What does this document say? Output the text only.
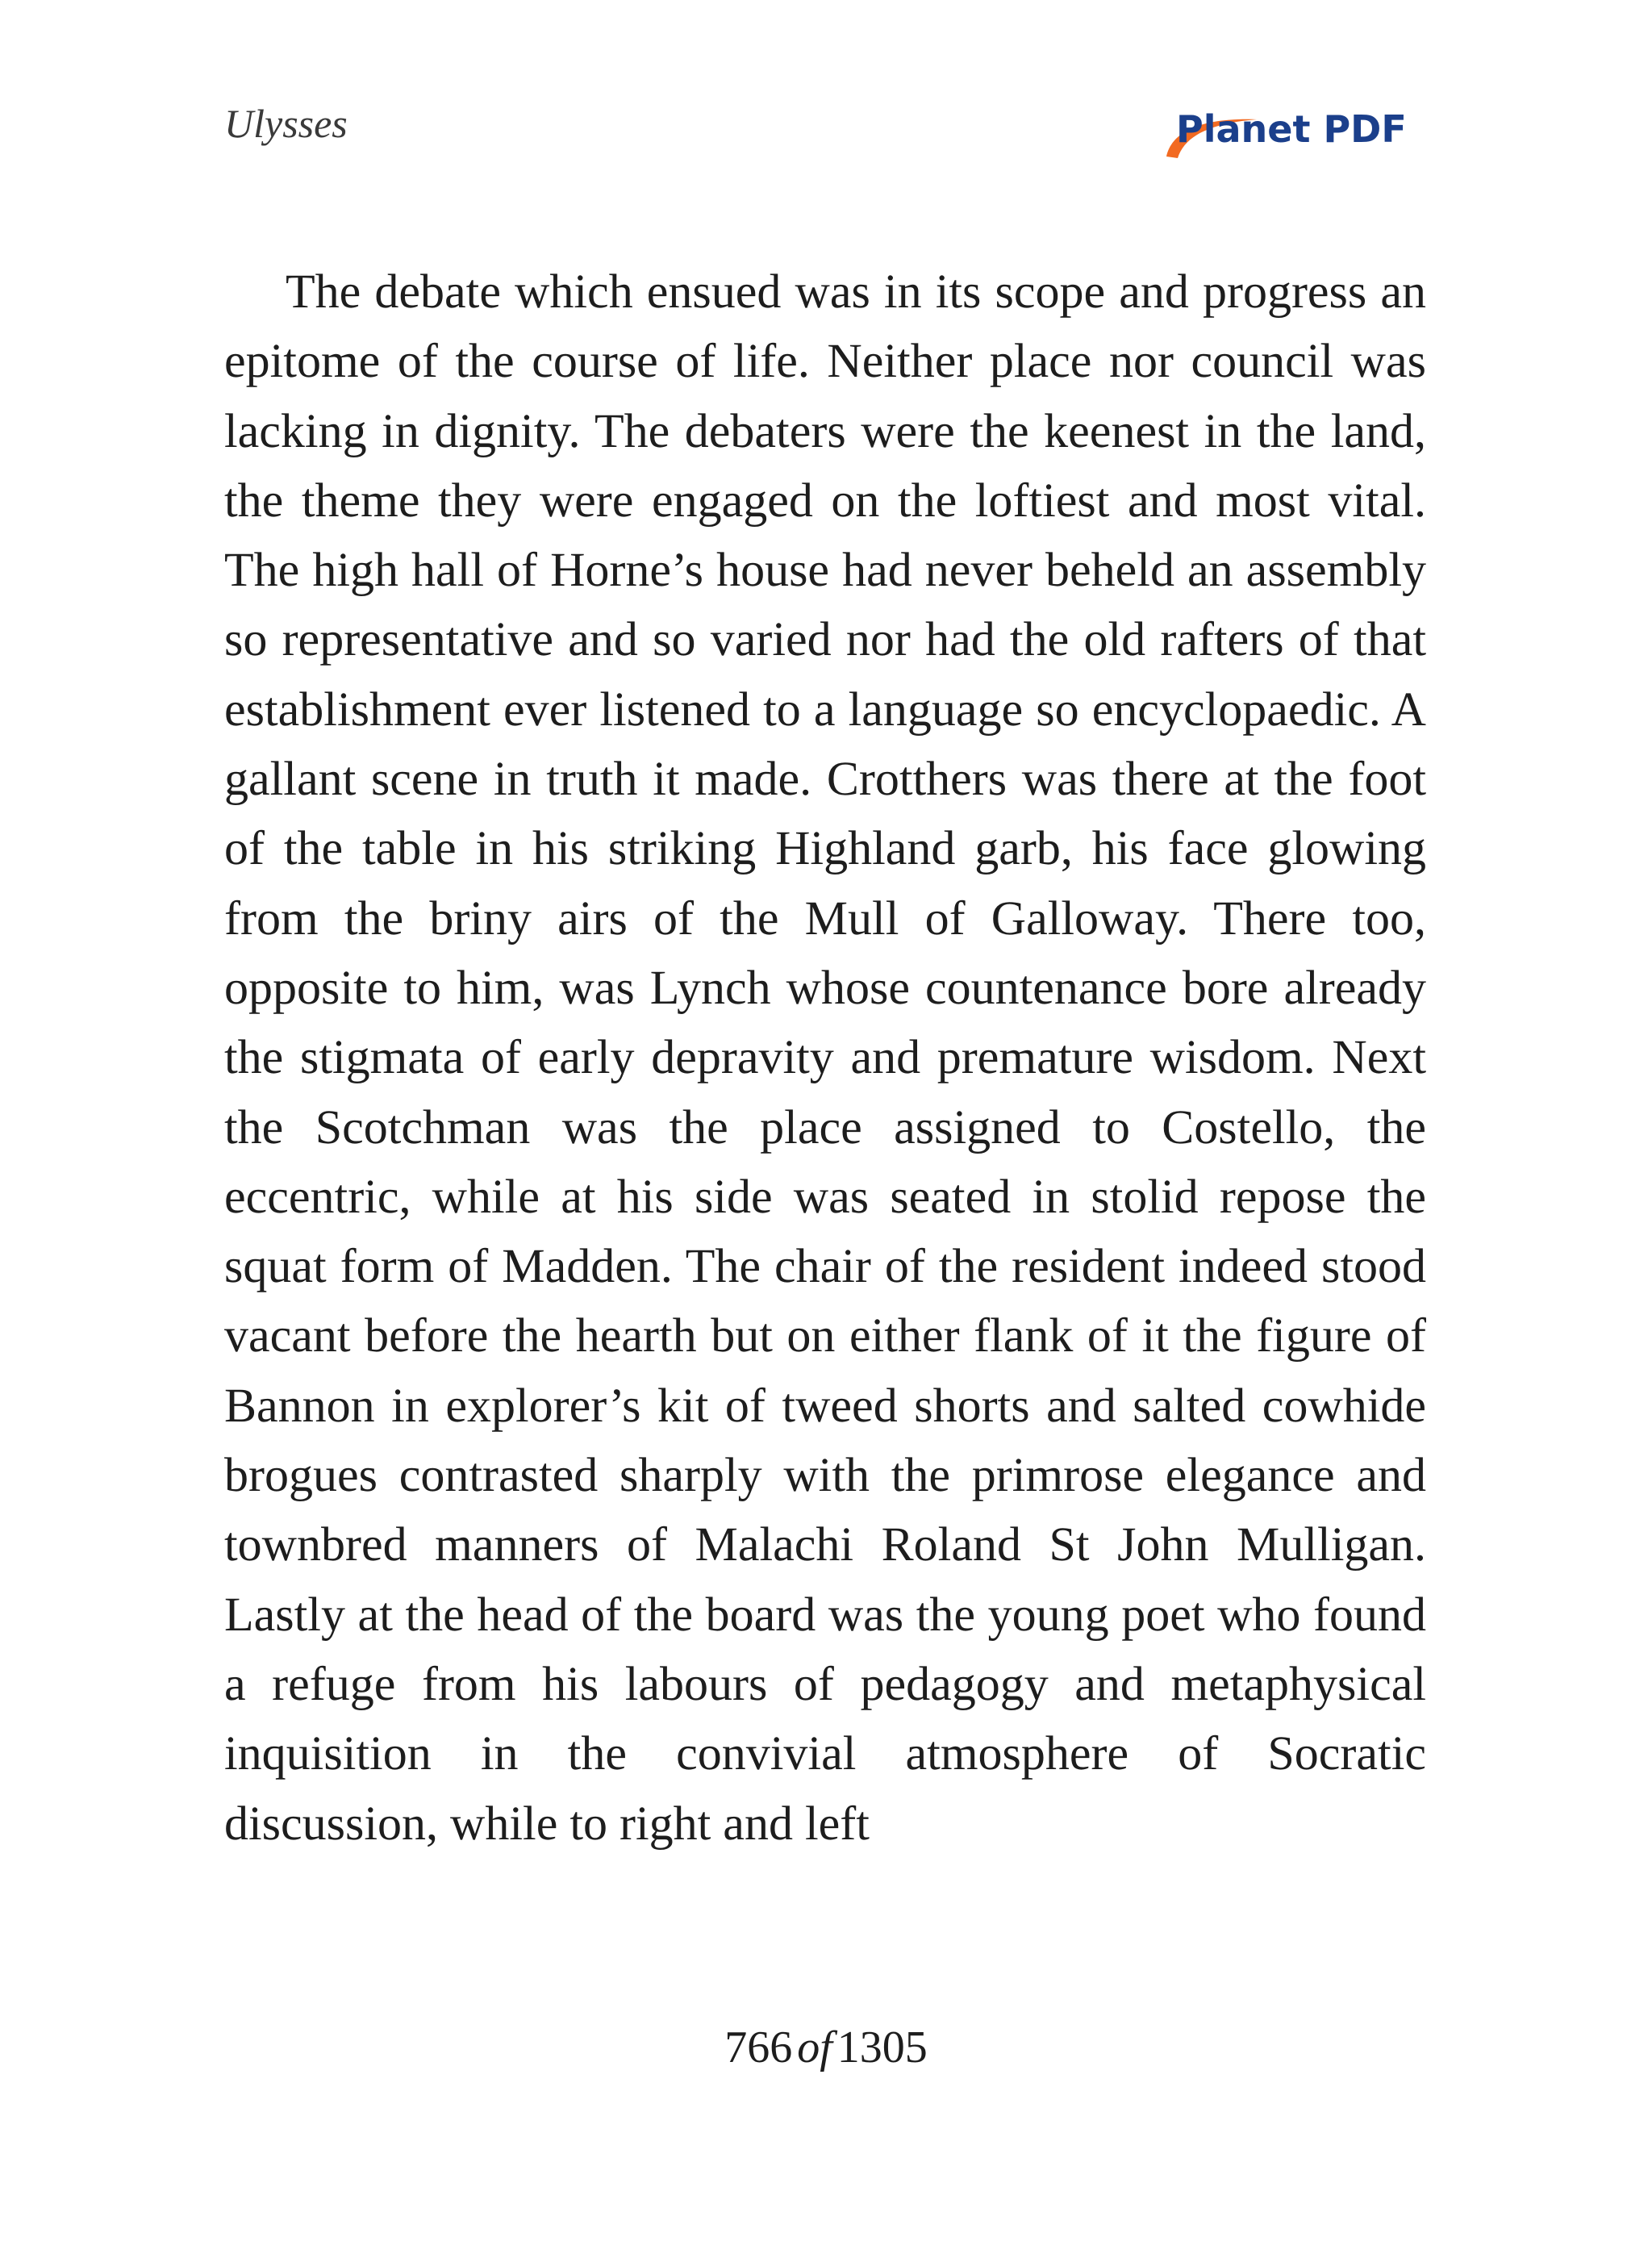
Ulysses	Planet PDF

The debate which ensued was in its scope and progress an epitome of the course of life. Neither place nor council was lacking in dignity. The debaters were the keenest in the land, the theme they were engaged on the loftiest and most vital. The high hall of Horne’s house had never beheld an assembly so representative and so varied nor had the old rafters of that establishment ever listened to a language so encyclopaedic. A gallant scene in truth it made. Crotthers was there at the foot of the table in his striking Highland garb, his face glowing from the briny airs of the Mull of Galloway. There too, opposite to him, was Lynch whose countenance bore already the stigmata of early depravity and premature wisdom. Next the Scotchman was the place assigned to Costello, the eccentric, while at his side was seated in stolid repose the squat form of Madden. The chair of the resident indeed stood vacant before the hearth but on either flank of it the figure of Bannon in explorer’s kit of tweed shorts and salted cowhide brogues contrasted sharply with the primrose elegance and townbred manners of Malachi Roland St John Mulligan. Lastly at the head of the board was the young poet who found a refuge from his labours of pedagogy and metaphysical inquisition in the convivial atmosphere of Socratic discussion, while to right and left

766 of 1305
